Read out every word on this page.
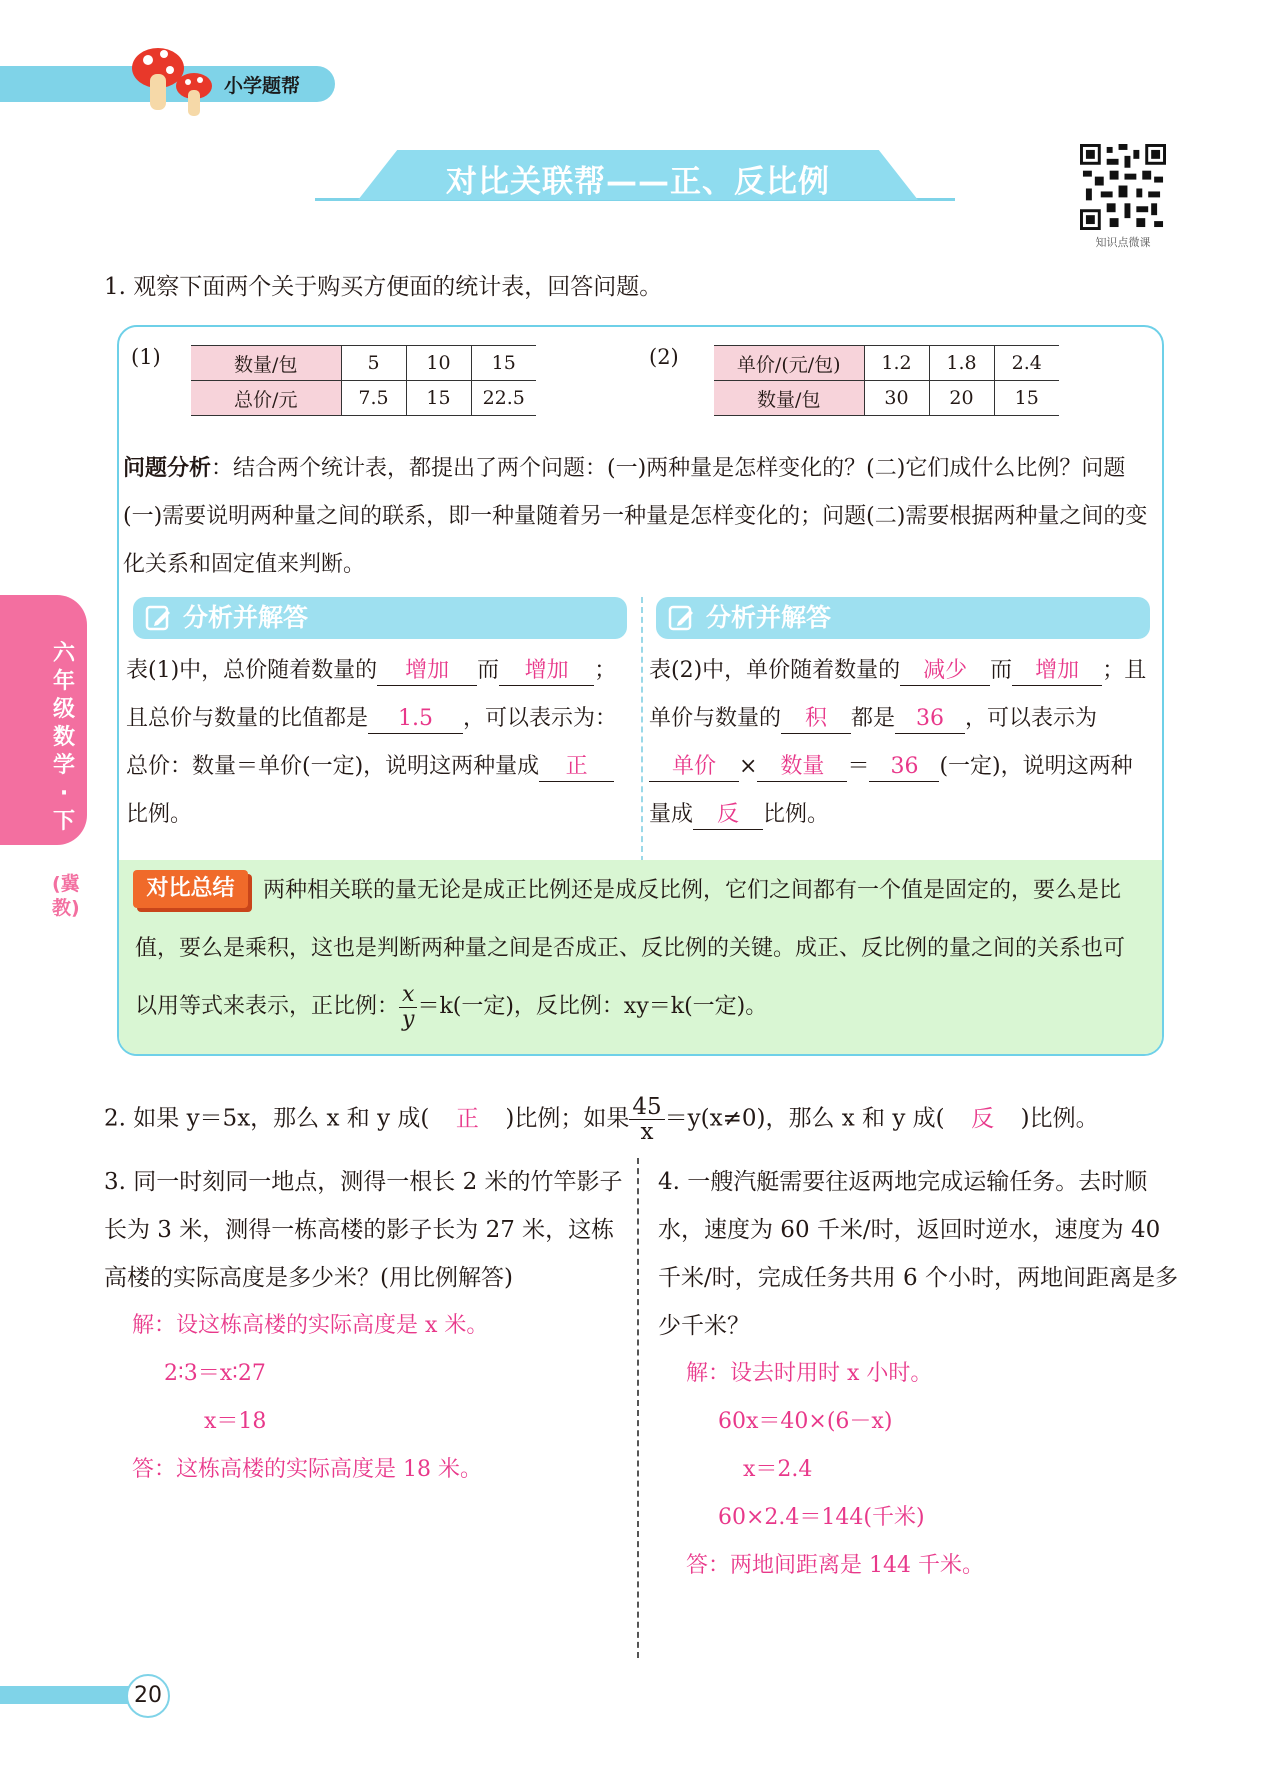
小学题帮
对比关联帮——正、反比例
知识点微课
1. 观察下面两个关于购买方便面的统计表，回答问题。
(1)	数量/包	5	10	15
总价/元	7.5	15	22.5
(2)	单价/(元/包)	1.2	1.8	2.4
数量/包	30	20	15
问题分析：结合两个统计表，都提出了两个问题：(一)两种量是怎样变化的？(二)它们成什么比例？问题(一)需要说明两种量之间的联系，即一种量随着另一种量是怎样变化的；问题(二)需要根据两种量之间的变化关系和固定值来判断。
分析并解答	分析并解答
表(1)中，总价随着数量的 增加 而 增加 ；且总价与数量的比值都是 1.5 ，可以表示为：总价：数量＝单价(一定)，说明这两种量成 正比例。
表(2)中，单价随着数量的 减少 而 增加 ；且单价与数量的 积 都是 36 ，可以表示为单价 × 数量 ＝ 36 (一定)，说明这两种量成 反 比例。
对比总结	两种相关联的量无论是成正比例还是成反比例，它们之间都有一个值是固定的，要么是比值，要么是乘积，这也是判断两种量之间是否成正、反比例的关键。成正、反比例的量之间的关系也可以用等式来表示，正比例： $\frac{x}{y} =k$(一定)，反比例：xy＝k(一定)。
2. 如果 y＝5x，那么 x 和 y 成( 正 )比例；如果 $\frac{45}{x} =y(x\ne 0)$，那么 x 和 y 成( 反 )比例。
3. 同一时刻同一地点，测得一根长 2 米的竹竿影子长为 3 米，测得一栋高楼的影子长为 27 米，这栋高楼的实际高度是多少米？(用比例解答)
解：设这栋高楼的实际高度是 x 米。
2∶3＝x∶27
x＝18
答：这栋高楼的实际高度是 18 米。
4. 一艘汽艇需要往返两地完成运输任务。去时顺水，速度为 60 千米/时，返回时逆水，速度为 40 千米/时，完成任务共用 6 个小时，两地间距离是多少千米？
解：设去时用时 x 小时。
60x＝40×(6－x)
x＝2.4
60×2.4＝144(千米)
答：两地间距离是 144 千米。
六年级数学·下
(冀教)
20
